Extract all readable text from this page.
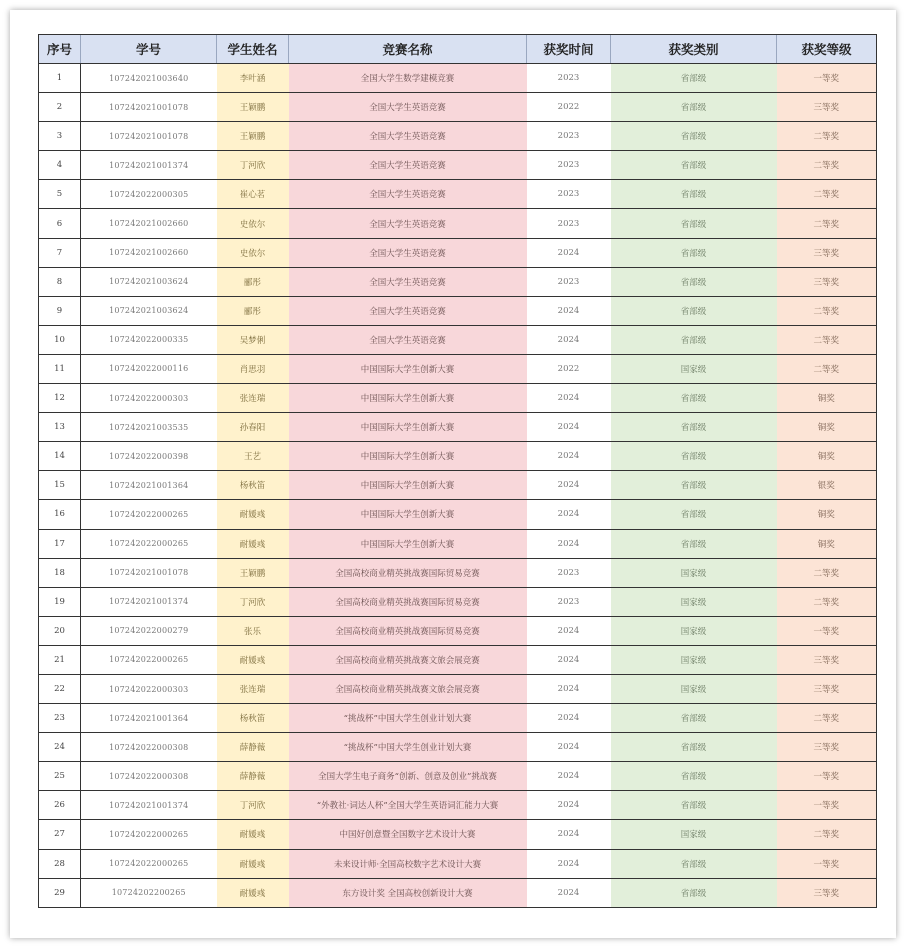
序号	学号	学生姓名	竞赛名称	获奖时间	获奖类别	获奖等级
1	107242021003640	李叶涵	全国大学生数学建模竞赛	2023	省部级	一等奖
2	107242021001078	王颖鹏	全国大学生英语竞赛	2022	省部级	三等奖
3	107242021001078	王颖鹏	全国大学生英语竞赛	2023	省部级	二等奖
4	107242021001374	丁河欣	全国大学生英语竞赛	2023	省部级	二等奖
5	107242022000305	崔心茗	全国大学生英语竞赛	2023	省部级	二等奖
6	107242021002660	史依尔	全国大学生英语竞赛	2023	省部级	二等奖
7	107242021002660	史依尔	全国大学生英语竞赛	2024	省部级	三等奖
8	107242021003624	郦彤	全国大学生英语竞赛	2023	省部级	三等奖
9	107242021003624	郦彤	全国大学生英语竞赛	2024	省部级	二等奖
10	107242022000335	吴梦俐	全国大学生英语竞赛	2024	省部级	二等奖
11	107242022000116	肖思羽	中国国际大学生创新大赛	2022	国家级	二等奖
12	107242022000303	张连瑞	中国国际大学生创新大赛	2024	省部级	铜奖
13	107242021003535	孙春阳	中国国际大学生创新大赛	2024	省部级	铜奖
14	107242022000398	王艺	中国国际大学生创新大赛	2024	省部级	铜奖
15	107242021001364	杨秋笛	中国国际大学生创新大赛	2024	省部级	银奖
16	107242022000265	耐媛彧	中国国际大学生创新大赛	2024	省部级	铜奖
17	107242022000265	耐媛彧	中国国际大学生创新大赛	2024	省部级	铜奖
18	107242021001078	王颖鹏	全国高校商业精英挑战赛国际贸易竞赛	2023	国家级	二等奖
19	107242021001374	丁河欣	全国高校商业精英挑战赛国际贸易竞赛	2023	国家级	二等奖
20	107242022000279	张乐	全国高校商业精英挑战赛国际贸易竞赛	2024	国家级	一等奖
21	107242022000265	耐媛彧	全国高校商业精英挑战赛文旅会展竞赛	2024	国家级	三等奖
22	107242022000303	张连瑞	全国高校商业精英挑战赛文旅会展竞赛	2024	国家级	三等奖
23	107242021001364	杨秋笛	“挑战杯”中国大学生创业计划大赛	2024	省部级	二等奖
24	107242022000308	薛静薇	“挑战杯”中国大学生创业计划大赛	2024	省部级	三等奖
25	107242022000308	薛静薇	全国大学生电子商务“创新、创意及创业”挑战赛	2024	省部级	一等奖
26	107242021001374	丁河欣	“外教社·词达人杯”全国大学生英语词汇能力大赛	2024	省部级	一等奖
27	107242022000265	耐媛彧	中国好创意暨全国数字艺术设计大赛	2024	国家级	二等奖
28	107242022000265	耐媛彧	未来设计师·全国高校数字艺术设计大赛	2024	省部级	一等奖
29	10724202200265	耐媛彧	东方设计奖 全国高校创新设计大赛	2024	省部级	三等奖
